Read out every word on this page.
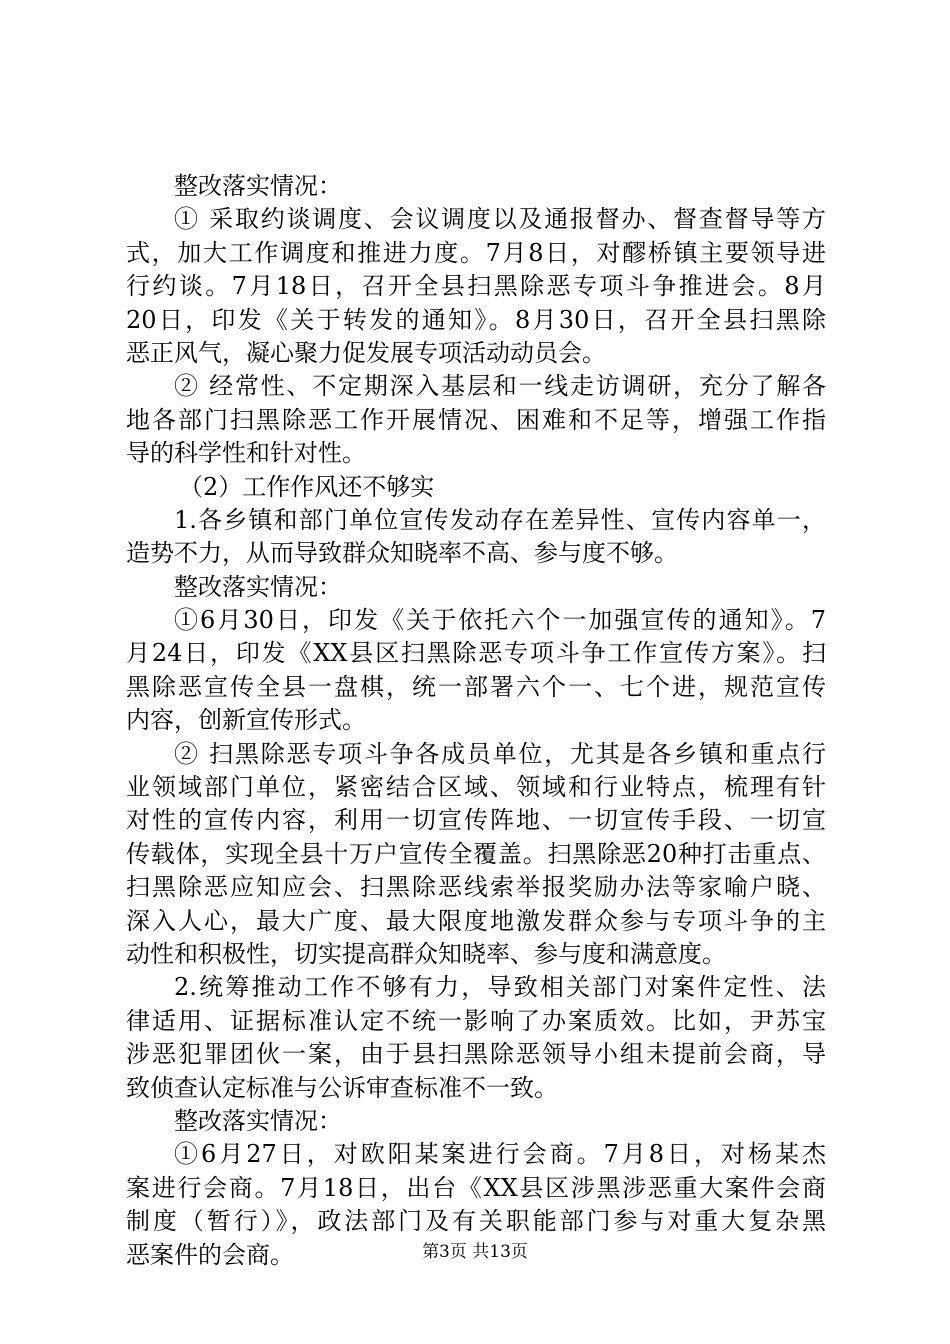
整改落实情况：
① 采取约谈调度、会议调度以及通报督办、督查督导等方
式，加大工作调度和推进力度。7月8日，对醪桥镇主要领导进
行约谈。7月18日，召开全县扫黑除恶专项斗争推进会。8月
20日，印发《关于转发的通知》。8月30日，召开全县扫黑除
恶正风气，凝心聚力促发展专项活动动员会。
② 经常性、不定期深入基层和一线走访调研，充分了解各
地各部门扫黑除恶工作开展情况、困难和不足等，增强工作指
导的科学性和针对性。
（2）工作作风还不够实
1.各乡镇和部门单位宣传发动存在差异性、宣传内容单一，
造势不力，从而导致群众知晓率不高、参与度不够。
整改落实情况：
①6月30日，印发《关于依托六个一加强宣传的通知》。7
月24日，印发《XX县区扫黑除恶专项斗争工作宣传方案》。扫
黑除恶宣传全县一盘棋，统一部署六个一、七个进，规范宣传
内容，创新宣传形式。
② 扫黑除恶专项斗争各成员单位，尤其是各乡镇和重点行
业领域部门单位，紧密结合区域、领域和行业特点，梳理有针
对性的宣传内容，利用一切宣传阵地、一切宣传手段、一切宣
传载体，实现全县十万户宣传全覆盖。扫黑除恶20种打击重点、
扫黑除恶应知应会、扫黑除恶线索举报奖励办法等家喻户晓、
深入人心，最大广度、最大限度地激发群众参与专项斗争的主
动性和积极性，切实提高群众知晓率、参与度和满意度。
2.统筹推动工作不够有力，导致相关部门对案件定性、法
律适用、证据标准认定不统一影响了办案质效。比如，尹苏宝
涉恶犯罪团伙一案，由于县扫黑除恶领导小组未提前会商，导
致侦查认定标准与公诉审查标准不一致。
整改落实情况：
①6月27日，对欧阳某案进行会商。7月8日，对杨某杰
案进行会商。7月18日，出台《XX县区涉黑涉恶重大案件会商
制度（暂行）》，政法部门及有关职能部门参与对重大复杂黑
恶案件的会商。	第3页 共13页
